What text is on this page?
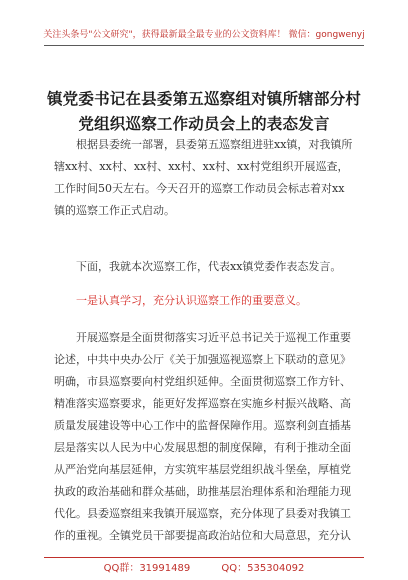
关注头条号"公文研究"，获得最新最全最专业的公文资料库！ 微信：gongwenyj
镇党委书记在县委第五巡察组对镇所辖部分村
党组织巡察工作动员会上的表态发言
根据县委统一部署，县委第五巡察组进驻xx镇，对我镇所
辖xx村、xx村、xx村、xx村、xx村、xx村党组织开展巡查，
工作时间50天左右。今天召开的巡察工作动员会标志着对xx
镇的巡察工作正式启动。
下面，我就本次巡察工作，代表xx镇党委作表态发言。
一是认真学习，充分认识巡察工作的重要意义。
开展巡察是全面贯彻落实习近平总书记关于巡视工作重要
论述，中共中央办公厅《关于加强巡视巡察上下联动的意见》
明确，市县巡察要向村党组织延伸。全面贯彻巡察工作方针、
精准落实巡察要求，能更好发挥巡察在实施乡村振兴战略、高
质量发展建设等中心工作中的监督保障作用。巡察利剑直插基
层是落实以人民为中心发展思想的制度保障，有利于推动全面
从严治党向基层延伸，方实筑牢基层党组织战斗堡垒，厚植党
执政的政治基础和群众基础，助推基层治理体系和治理能力现
代化。县委巡察组来我镇开展巡察，充分体现了县委对我镇工
作的重视。全镇党员干部要提高政治站位和大局意思，充分认
QQ群：31991489	QQ：535304092
